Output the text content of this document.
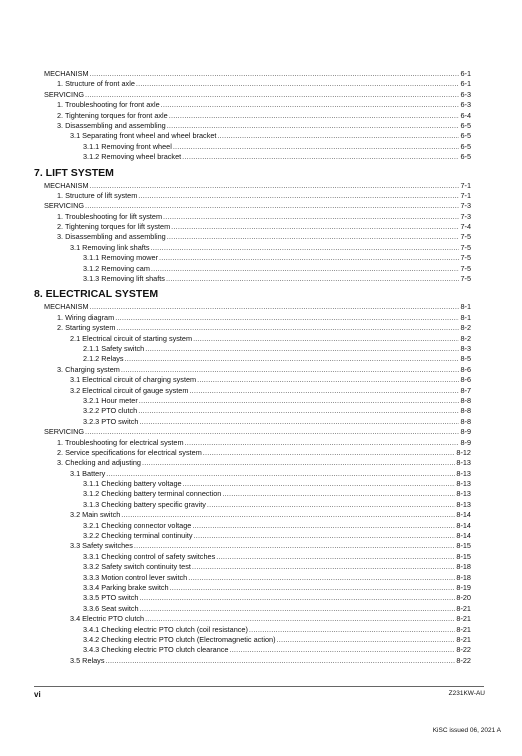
MECHANISM .....	6-1
1. Structure of front axle .....	6-1
SERVICING .....	6-3
1. Troubleshooting for front axle .....	6-3
2. Tightening torques for front axle .....	6-4
3. Disassembling and assembling .....	6-5
3.1 Separating front wheel and wheel bracket .....	6-5
3.1.1 Removing front wheel .....	6-5
3.1.2 Removing wheel bracket .....	6-5
7. LIFT SYSTEM
MECHANISM .....	7-1
1. Structure of lift system .....	7-1
SERVICING .....	7-3
1. Troubleshooting for lift system .....	7-3
2. Tightening torques for lift system .....	7-4
3. Disassembling and assembling .....	7-5
3.1 Removing link shafts .....	7-5
3.1.1 Removing mower .....	7-5
3.1.2 Removing cam .....	7-5
3.1.3 Removing lift shafts .....	7-5
8. ELECTRICAL SYSTEM
MECHANISM .....	8-1
1. Wiring diagram .....	8-1
2. Starting system .....	8-2
2.1 Electrical circuit of starting system .....	8-2
2.1.1 Safety switch .....	8-3
2.1.2 Relays .....	8-5
3. Charging system .....	8-6
3.1 Electrical circuit of charging system .....	8-6
3.2 Electrical circuit of gauge system .....	8-7
3.2.1 Hour meter .....	8-8
3.2.2 PTO clutch .....	8-8
3.2.3 PTO switch .....	8-8
SERVICING .....	8-9
1. Troubleshooting for electrical system .....	8-9
2. Service specifications for electrical system .....	8-12
3. Checking and adjusting .....	8-13
3.1 Battery .....	8-13
3.1.1 Checking battery voltage .....	8-13
3.1.2 Checking battery terminal connection .....	8-13
3.1.3 Checking battery specific gravity .....	8-13
3.2 Main switch .....	8-14
3.2.1 Checking connector voltage .....	8-14
3.2.2 Checking terminal continuity .....	8-14
3.3 Safety switches .....	8-15
3.3.1 Checking control of safety switches .....	8-15
3.3.2 Safety switch continuity test .....	8-18
3.3.3 Motion control lever switch .....	8-18
3.3.4 Parking brake switch .....	8-19
3.3.5 PTO switch .....	8-20
3.3.6 Seat switch .....	8-21
3.4 Electric PTO clutch .....	8-21
3.4.1 Checking electric PTO clutch (coil resistance) .....	8-21
3.4.2 Checking electric PTO clutch (Electromagnetic action) .....	8-21
3.4.3 Checking electric PTO clutch clearance .....	8-22
3.5 Relays .....	8-22
vi	Z231KW-AU
KiSC issued 06, 2021 A
